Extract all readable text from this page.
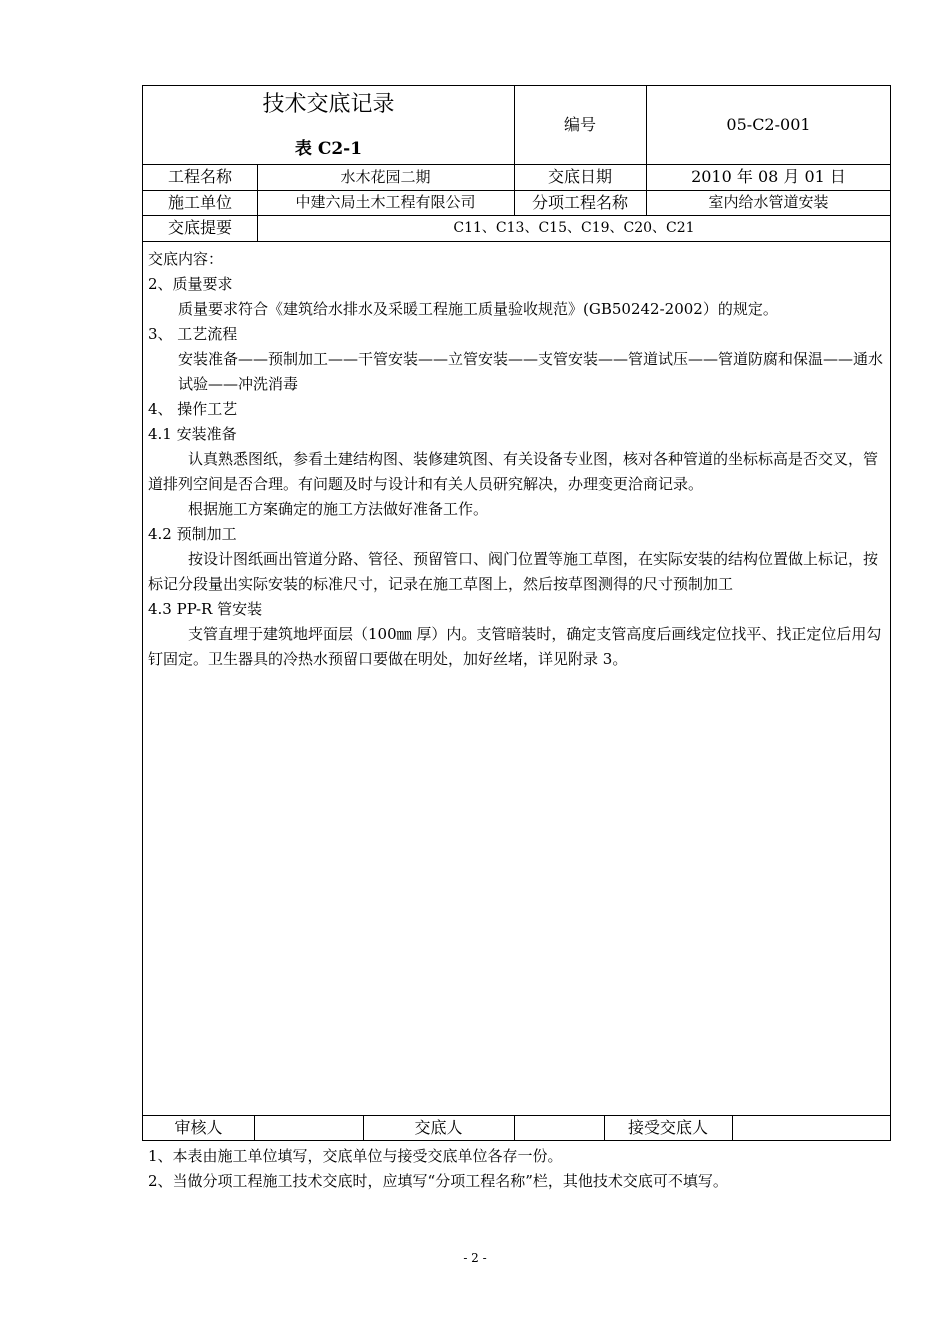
技术交底记录
表 C2-1
编号	05-C2-001
工程名称	水木花园二期	交底日期	2010 年 08 月 01 日
施工单位	中建六局土木工程有限公司	分项工程名称	室内给水管道安装
交底提要	C11、C13、C15、C19、C20、C21

交底内容：

2、质量要求

质量要求符合《建筑给水排水及采暖工程施工质量验收规范》(GB50242-2002）的规定。

3、 工艺流程

安装准备——预制加工——干管安装——立管安装——支管安装——管道试压——管道防腐和保温——通水试验——冲洗消毒

4、 操作工艺

4.1 安装准备

认真熟悉图纸，参看土建结构图、装修建筑图、有关设备专业图，核对各种管道的坐标标高是否交叉，管道排列空间是否合理。有问题及时与设计和有关人员研究解决，办理变更洽商记录。

根据施工方案确定的施工方法做好准备工作。

4.2 预制加工

按设计图纸画出管道分路、管径、预留管口、阀门位置等施工草图，在实际安装的结构位置做上标记，按标记分段量出实际安装的标准尺寸，记录在施工草图上，然后按草图测得的尺寸预制加工

4.3 PP-R 管安装

支管直埋于建筑地坪面层（100㎜ 厚）内。支管暗装时，确定支管高度后画线定位找平、找正定位后用勾钉固定。卫生器具的冷热水预留口要做在明处，加好丝堵，详见附录 3。

审核人	交底人	接受交底人

1、本表由施工单位填写，交底单位与接受交底单位各存一份。

2、当做分项工程施工技术交底时，应填写“分项工程名称”栏，其他技术交底可不填写。

- 2 -
